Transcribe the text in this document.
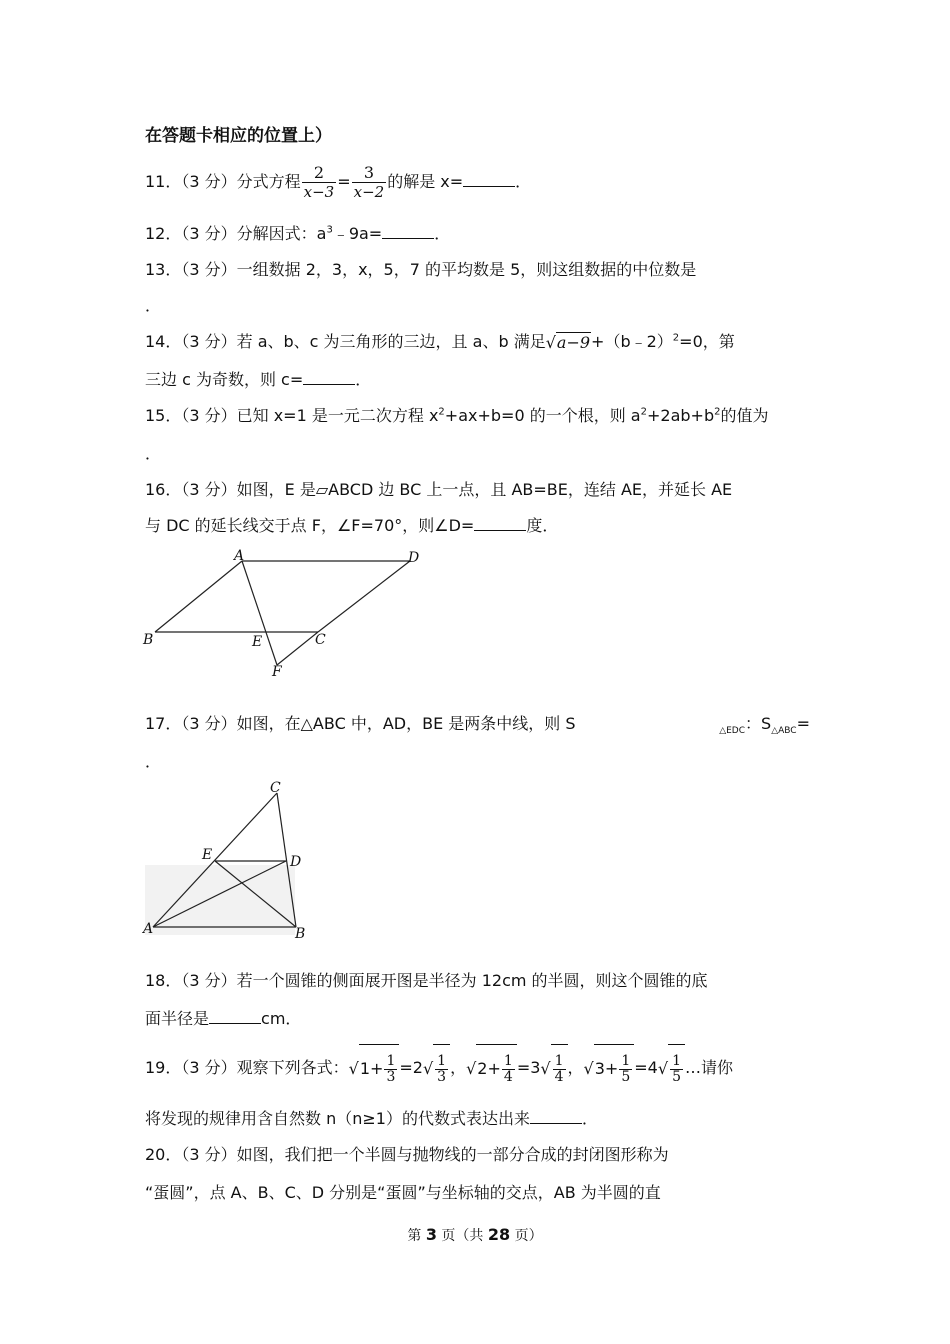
在答题卡相应的位置上）
11．（3 分）分式方程 $\frac{2}{x-3} = \frac{3}{x-2}$ 的解是 x=	．
12．（3 分）分解因式：$a^3﹣9a=$	．
13．（3 分）一组数据 2，3，x，5，7 的平均数是 5，则这组数据的中位数是
．
14．（3 分）若 a、b、c 为三角形的三边，且 a、b 满足√a−9+（b﹣2）$^2$=0，第
三边 c 为奇数，则 c=	．
15．（3 分）已知 x=1 是一元二次方程 $x^2+ax+b=0$ 的一个根，则 $a^2+2ab+b^2$的值为
．
16．（3 分）如图，E 是▱ABCD 边 BC 上一点，且 AB=BE，连结 AE，并延长 AE
与 DC 的延长线交于点 F，∠F=70°，则∠D=	度．
A	D
B	E	C
F
17．（3 分）如图，在△ABC 中，AD，BE 是两条中线，则 S	$_{\triangle EDC}$：$S_{\triangle ABC}=$
．
C
E	D
A	B
18．（3 分）若一个圆锥的侧面展开图是半径为 12cm 的半圆，则这个圆锥的底
面半径是	cm．
19．（3 分）观察下列各式：$√1+ \frac{1}{3} =2√ \frac{1}{3}$ ，$√2+ \frac{1}{4} =3√ \frac{1}{4}$ ，$√3+ \frac{1}{5} =4√ \frac{1}{5}$ …请你
将发现的规律用含自然数 n（n≥1）的代数式表达出来	．
20．（3 分）如图，我们把一个半圆与抛物线的一部分合成的封闭图形称为
“蛋圆”，点 A、B、C、D 分别是“蛋圆”与坐标轴的交点，AB 为半圆的直
第 3 页（共 28 页）
